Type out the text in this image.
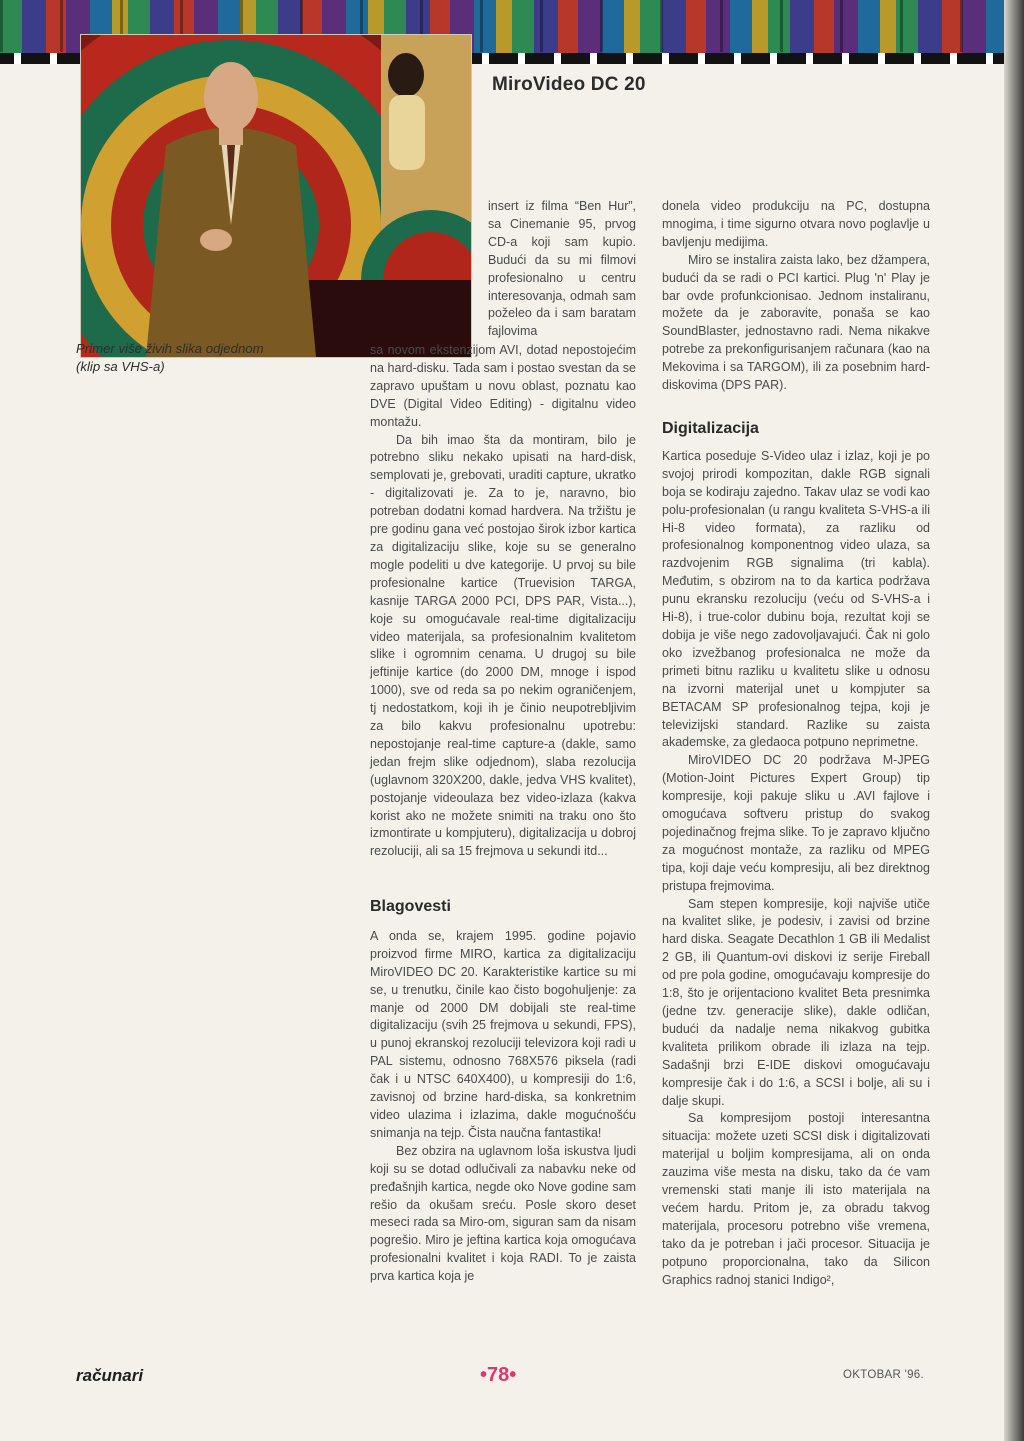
MiroVideo DC 20

Primer više živih slika odjednom

(klip sa VHS-a)

insert iz filma “Ben Hur”, sa Cinemanie 95, prvog CD-a koji sam kupio. Budući da su mi filmovi profesionalno u centru interesovanja, odmah sam poželeo da i sam baratam fajlovima

sa novom ekstenzijom AVI, dotad nepostojećim na hard-disku. Tada sam i postao svestan da se zapravo upuštam u novu oblast, poznatu kao DVE (Digital Video Editing) - digitalnu video montažu.

Da bih imao šta da montiram, bilo je potrebno sliku nekako upisati na hard-disk, semplovati je, grebovati, uraditi capture, ukratko - digitalizovati je. Za to je, naravno, bio potreban dodatni komad hardvera. Na tržištu je pre godinu gana već postojao širok izbor kartica za digitalizaciju slike, koje su se generalno mogle podeliti u dve kategorije. U prvoj su bile profesionalne kartice (Truevision TARGA, kasnije TARGA 2000 PCI, DPS PAR, Vista...), koje su omogućavale real-time digitalizaciju video materijala, sa profesionalnim kvalitetom slike i ogromnim cenama. U drugoj su bile jeftinije kartice (do 2000 DM, mnoge i ispod 1000), sve od reda sa po nekim ograničenjem, tj nedostatkom, koji ih je činio neupotrebljivim za bilo kakvu profesionalnu upotrebu: nepostojanje real-time capture-a (dakle, samo jedan frejm slike odjednom), slaba rezolucija (uglavnom 320X200, dakle, jedva VHS kvalitet), postojanje videoulaza bez video-izlaza (kakva korist ako ne možete snimiti na traku ono što izmontirate u kompjuteru), digitalizacija u dobroj rezoluciji, ali sa 15 frejmova u sekundi itd...

Blagovesti

A onda se, krajem 1995. godine pojavio proizvod firme MIRO, kartica za digitalizaciju MiroVIDEO DC 20. Karakteristike kartice su mi se, u trenutku, činile kao čisto bogohuljenje: za manje od 2000 DM dobijali ste real-time digitalizaciju (svih 25 frejmova u sekundi, FPS), u punoj ekranskoj rezoluciji televizora koji radi u PAL sistemu, odnosno 768X576 piksela (radi čak i u NTSC 640X400), u kompresiji do 1:6, zavisnoj od brzine hard-diska, sa konkretnim video ulazima i izlazima, dakle mogućnošću snimanja na tejp. Čista naučna fantastika!

Bez obzira na uglavnom loša iskustva ljudi koji su se dotad odlučivali za nabavku neke od pređašnjih kartica, negde oko Nove godine sam rešio da okušam sreću. Posle skoro deset meseci rada sa Miro-om, siguran sam da nisam pogrešio. Miro je jeftina kartica koja omogućava profesionalni kvalitet i koja RADI. To je zaista prva kartica koja je

donela video produkciju na PC, dostupna mnogima, i time sigurno otvara novo poglavlje u bavljenju medijima.

Miro se instalira zaista lako, bez džampera, budući da se radi o PCI kartici. Plug 'n' Play je bar ovde profunkcionisao. Jednom instaliranu, možete da je zaboravite, ponaša se kao SoundBlaster, jednostavno radi. Nema nikakve potrebe za prekonfigurisanjem računara (kao na Mekovima i sa TARGOM), ili za posebnim hard-diskovima (DPS PAR).

Digitalizacija

Kartica poseduje S-Video ulaz i izlaz, koji je po svojoj prirodi kompozitan, dakle RGB signali boja se kodiraju zajedno. Takav ulaz se vodi kao polu-profesionalan (u rangu kvaliteta S-VHS-a ili Hi-8 video formata), za razliku od profesionalnog komponentnog video ulaza, sa razdvojenim RGB signalima (tri kabla). Međutim, s obzirom na to da kartica podržava punu ekransku rezoluciju (veću od S-VHS-a i Hi-8), i true-color dubinu boja, rezultat koji se dobija je više nego zadovoljavajući. Čak ni golo oko izvežbanog profesionalca ne može da primeti bitnu razliku u kvalitetu slike u odnosu na izvorni materijal unet u kompjuter sa BETACAM SP profesionalnog tejpa, koji je televizijski standard. Razlike su zaista akademske, za gledaoca potpuno neprimetne.

MiroVIDEO DC 20 podržava M-JPEG (Motion-Joint Pictures Expert Group) tip kompresije, koji pakuje sliku u .AVI fajlove i omogućava softveru pristup do svakog pojedinačnog frejma slike. To je zapravo ključno za mogućnost montaže, za razliku od MPEG tipa, koji daje veću kompresiju, ali bez direktnog pristupa frejmovima.

Sam stepen kompresije, koji najviše utiče na kvalitet slike, je podesiv, i zavisi od brzine hard diska. Seagate Decathlon 1 GB ili Medalist 2 GB, ili Quantum-ovi diskovi iz serije Fireball od pre pola godine, omogućavaju kompresije do 1:8, što je orijentaciono kvalitet Beta presnimka (jedne tzv. generacije slike), dakle odličan, budući da nadalje nema nikakvog gubitka kvaliteta prilikom obrade ili izlaza na tejp. Sadašnji brzi E-IDE diskovi omogućavaju kompresije čak i do 1:6, a SCSI i bolje, ali su i dalje skupi.

Sa kompresijom postoji interesantna situacija: možete uzeti SCSI disk i digitalizovati materijal u boljim kompresijama, ali on onda zauzima više mesta na disku, tako da će vam vremenski stati manje ili isto materijala na većem hardu. Pritom je, za obradu takvog materijala, procesoru potrebno više vremena, tako da je potreban i jači procesor. Situacija je potpuno proporcionalna, tako da Silicon Graphics radnoj stanici Indigo²,

računari	•78•	OKTOBAR '96.
